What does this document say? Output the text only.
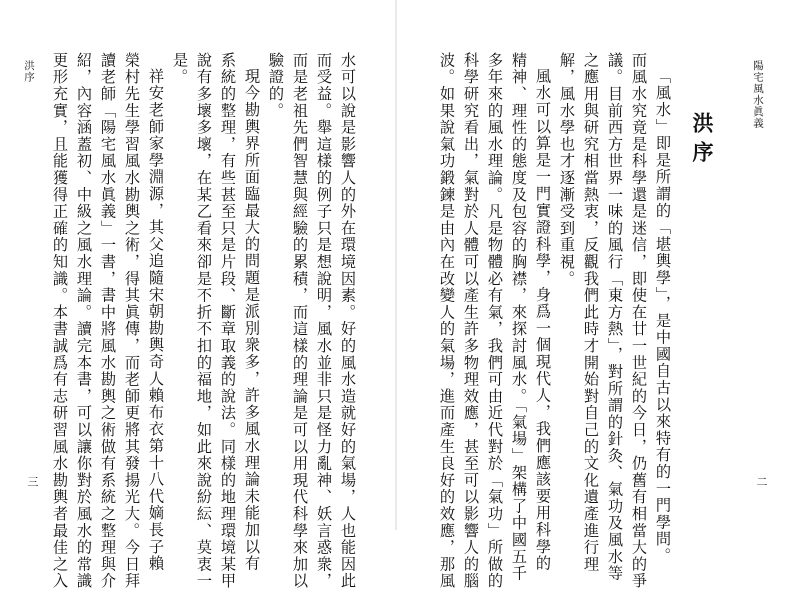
洪序	水可以說是影響人的外在環境因素。好的風水造就好的氣場，人也能因此
而受益。舉這樣的例子只是想說明，風水並非只是怪力亂神、妖言惑衆，
而是老祖先們智慧與經驗的累積，而這樣的理論是可以用現代科學來加以
驗證的。
現今勘輿界所面臨最大的問題是派別衆多，許多風水理論未能加以有
系統的整理，有些甚至只是片段、斷章取義的說法。同樣的地理環境某甲
說有多壞多壞，在某乙看來卻是不折不扣的福地，如此來說紛紜、莫衷一
是。
祥安老師家學淵源，其父追隨宋朝勘輿奇人賴布衣第十八代嫡長子賴
榮村先生學習風水勘輿之術，得其眞傳，而老師更將其發揚光大。今日拜
讀老師「陽宅風水眞義」一書，書中將風水勘輿之術做有系統之整理與介
紹，內容涵蓋初、中級之風水理論。讀完本書，可以讓你對於風水的常識
更形充實，且能獲得正確的知識。本書誠爲有志研習風水勘輿者最佳之入
三
陽宅風水眞義
洪序
「風水」即是所謂的「堪輿學」，是中國自古以來特有的一門學問。
而風水究竟是科學還是迷信，即使在廿一世紀的今日，仍舊有相當大的爭
議。目前西方世界一味的風行「東方熱」，對所謂的針灸、氣功及風水等
之應用與研究相當熱衷，反觀我們此時才開始對自己的文化遺產進行理
解，風水學也才逐漸受到重視。
風水可以算是一門實證科學，身爲一個現代人，我們應該要用科學的
精神、理性的態度及包容的胸襟，來探討風水。「氣場」架構了中國五千
多年來的風水理論。凡是物體必有氣，我們可由近代對於「氣功」所做的
科學研究看出，氣對於人體可以產生許多物理效應，甚至可以影響人的腦
波。如果說氣功鍛鍊是由內在改變人的氣場，進而產生良好的效應，那風	二
